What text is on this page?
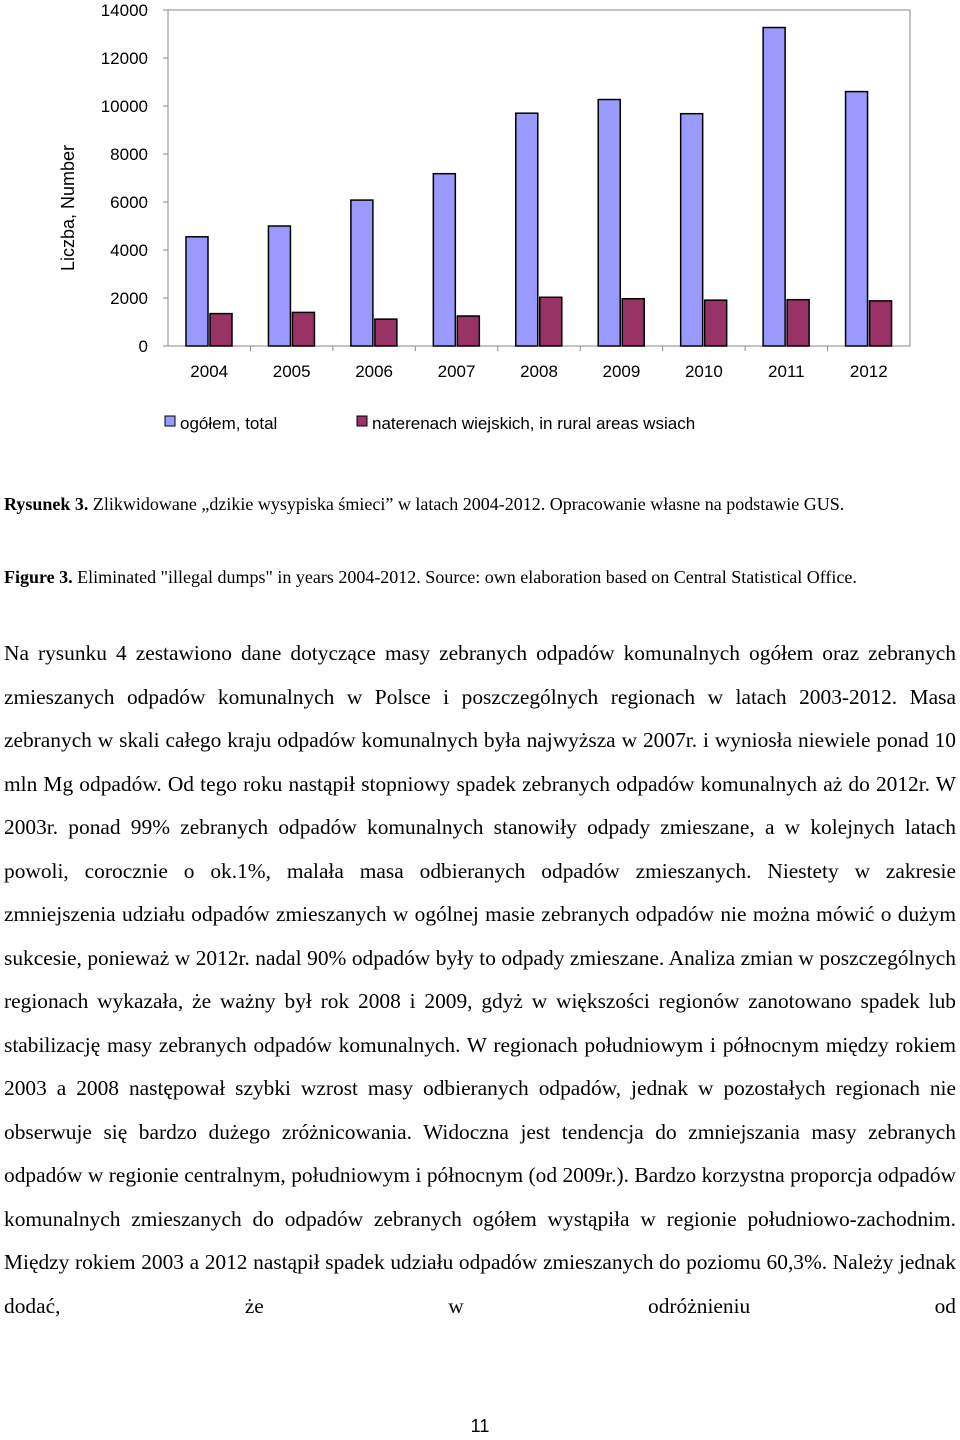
Liczba, Number
0
2000
4000
6000
8000
10000
12000
14000
2004	2005	2006	2007	2008	2009	2010	2011	2012
ogółem, total	naterenach wiejskich, in rural areas wsiach

Rysunek 3. Zlikwidowane „dzikie wysypiska śmieci” w latach 2004-2012. Opracowanie własne na podstawie GUS.

Figure 3. Eliminated "illegal dumps" in years 2004-2012. Source: own elaboration based on Central Statistical Office.

Na rysunku 4 zestawiono dane dotyczące masy zebranych odpadów komunalnych ogółem oraz zebranych zmieszanych odpadów komunalnych w Polsce i poszczególnych regionach w latach 2003-2012. Masa zebranych w skali całego kraju odpadów komunalnych była najwyższa w 2007r. i wyniosła niewiele ponad 10 mln Mg odpadów. Od tego roku nastąpił stopniowy spadek zebranych odpadów komunalnych aż do 2012r. W 2003r. ponad 99% zebranych odpadów komunalnych stanowiły odpady zmieszane, a w kolejnych latach powoli, corocznie o ok.1%, malała masa odbieranych odpadów zmieszanych. Niestety w zakresie zmniejszenia udziału odpadów zmieszanych w ogólnej masie zebranych odpadów nie można mówić o dużym sukcesie, ponieważ w 2012r. nadal 90% odpadów były to odpady zmieszane. Analiza zmian w poszczególnych regionach wykazała, że ważny był rok 2008 i 2009, gdyż w większości regionów zanotowano spadek lub stabilizację masy zebranych odpadów komunalnych. W regionach południowym i północnym między rokiem 2003 a 2008 następował szybki wzrost masy odbieranych odpadów, jednak w pozostałych regionach nie obserwuje się bardzo dużego zróżnicowania. Widoczna jest tendencja do zmniejszania masy zebranych odpadów w regionie centralnym, południowym i północnym (od 2009r.). Bardzo korzystna proporcja odpadów komunalnych zmieszanych do odpadów zebranych ogółem wystąpiła w regionie południowo-zachodnim. Między rokiem 2003 a 2012 nastąpił spadek udziału odpadów zmieszanych do poziomu 60,3%. Należy jednak dodać, że w odróżnieniu od

11
